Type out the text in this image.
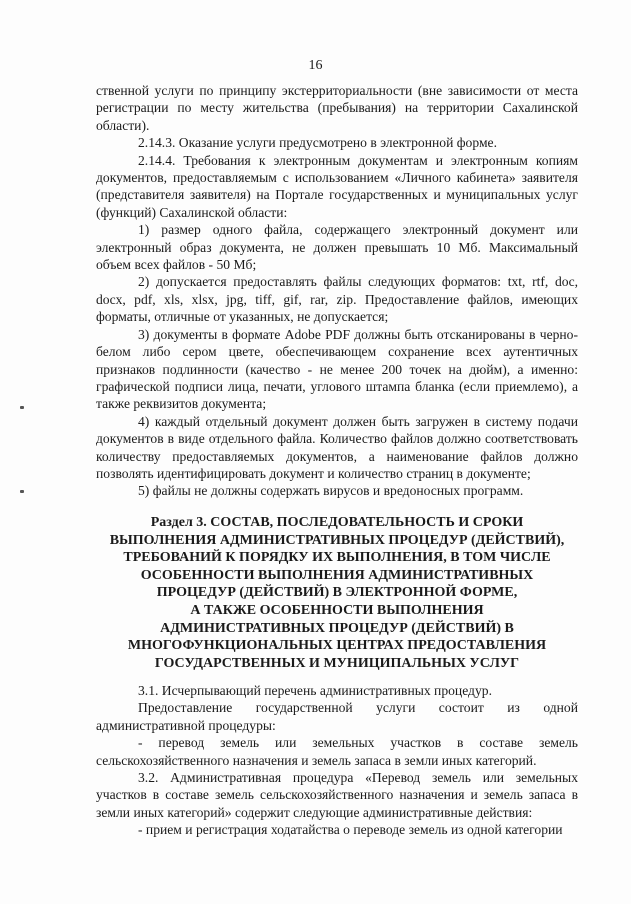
16

ственной услуги по принципу экстерриториальности (вне зависимости от места регистрации по месту жительства (пребывания) на территории Сахалинской области).

2.14.3. Оказание услуги предусмотрено в электронной форме.

2.14.4. Требования к электронным документам и электронным копиям документов, предоставляемым с использованием «Личного кабинета» заявителя (представителя заявителя) на Портале государственных и муниципальных услуг (функций) Сахалинской области:

1) размер одного файла, содержащего электронный документ или электронный образ документа, не должен превышать 10 Мб. Максимальный объем всех файлов - 50 Мб;

2) допускается предоставлять файлы следующих форматов: txt, rtf, doc, docx, pdf, xls, xlsx, jpg, tiff, gif, rar, zip. Предоставление файлов, имеющих форматы, отличные от указанных, не допускается;

3) документы в формате Adobe PDF должны быть отсканированы в черно-белом либо сером цвете, обеспечивающем сохранение всех аутентичных признаков подлинности (качество - не менее 200 точек на дюйм), а именно: графической подписи лица, печати, углового штампа бланка (если приемлемо), а также реквизитов документа;

4) каждый отдельный документ должен быть загружен в систему подачи документов в виде отдельного файла. Количество файлов должно соответствовать количеству предоставляемых документов, а наименование файлов должно позволять идентифицировать документ и количество страниц в документе;

5) файлы не должны содержать вирусов и вредоносных программ.

Раздел 3. СОСТАВ, ПОСЛЕДОВАТЕЛЬНОСТЬ И СРОКИ
ВЫПОЛНЕНИЯ АДМИНИСТРАТИВНЫХ ПРОЦЕДУР (ДЕЙСТВИЙ),
ТРЕБОВАНИЙ К ПОРЯДКУ ИХ ВЫПОЛНЕНИЯ, В ТОМ ЧИСЛЕ
ОСОБЕННОСТИ ВЫПОЛНЕНИЯ АДМИНИСТРАТИВНЫХ
ПРОЦЕДУР (ДЕЙСТВИЙ) В ЭЛЕКТРОННОЙ ФОРМЕ,
А ТАКЖЕ ОСОБЕННОСТИ ВЫПОЛНЕНИЯ
АДМИНИСТРАТИВНЫХ ПРОЦЕДУР (ДЕЙСТВИЙ) В
МНОГОФУНКЦИОНАЛЬНЫХ ЦЕНТРАХ ПРЕДОСТАВЛЕНИЯ
ГОСУДАРСТВЕННЫХ И МУНИЦИПАЛЬНЫХ УСЛУГ

3.1. Исчерпывающий перечень административных процедур.

Предоставление государственной услуги состоит из одной административной процедуры:

- перевод земель или земельных участков в составе земель сельскохозяйственного назначения и земель запаса в земли иных категорий.

3.2. Административная процедура «Перевод земель или земельных участков в составе земель сельскохозяйственного назначения и земель запаса в земли иных категорий» содержит следующие административные действия:

- прием и регистрация ходатайства о переводе земель из одной категории
